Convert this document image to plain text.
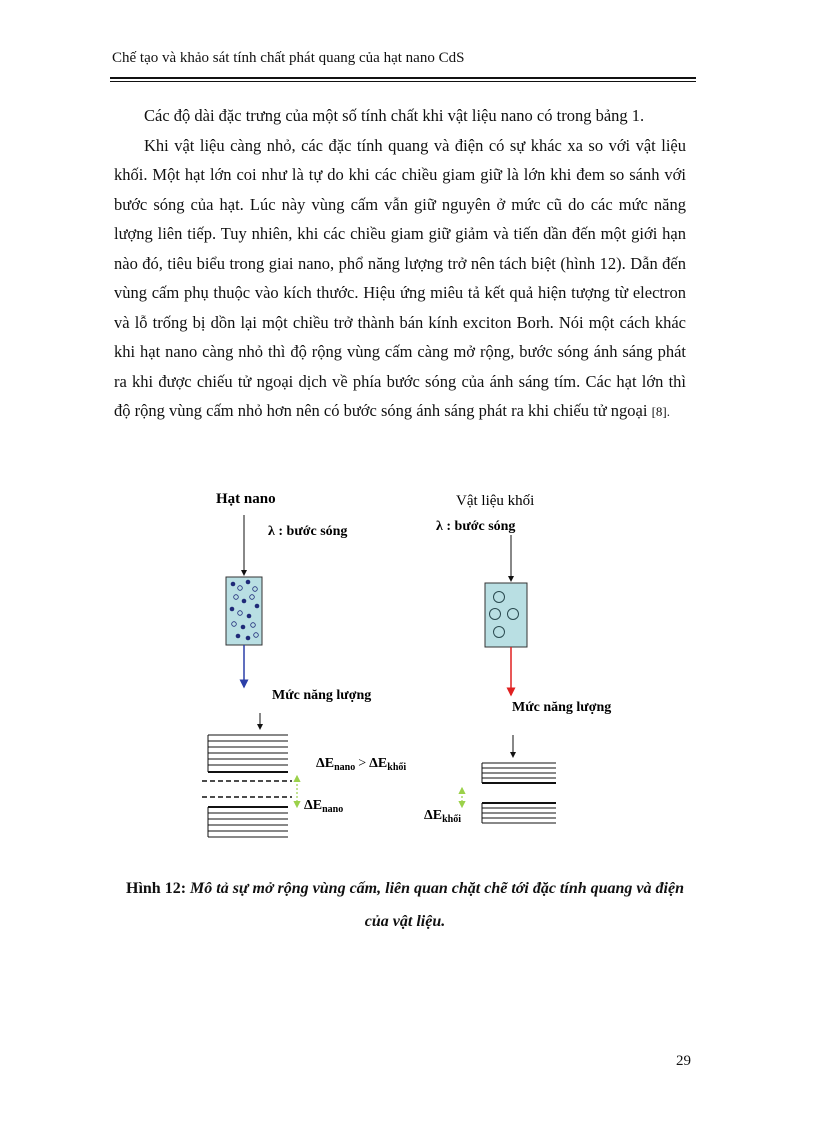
Chế tạo và khảo sát tính chất phát quang của hạt nano CdS

Các độ dài đặc trưng của một số tính chất khi vật liệu nano có trong bảng 1.

Khi vật liệu càng nhỏ, các đặc tính quang và điện có sự khác xa so với vật liệu khối. Một hạt lớn coi như là tự do khi các chiều giam giữ là lớn khi đem so sánh với bước sóng của hạt. Lúc này vùng cấm vẫn giữ nguyên ở mức cũ do các mức năng lượng liên tiếp. Tuy nhiên, khi các chiều giam giữ giảm và tiến dần đến một giới hạn nào đó, tiêu biểu trong giai nano, phổ năng lượng trở nên tách biệt (hình 12). Dẫn đến vùng cấm phụ thuộc vào kích thước. Hiệu ứng miêu tả kết quả hiện tượng từ electron và lỗ trống bị dồn lại một chiều trở thành bán kính exciton Borh. Nói một cách khác khi hạt nano càng nhỏ thì độ rộng vùng cấm càng mở rộng, bước sóng ánh sáng phát ra khi được chiếu tử ngoại dịch về phía bước sóng của ánh sáng tím. Các hạt lớn thì độ rộng vùng cấm nhỏ hơn nên có bước sóng ánh sáng phát ra khi chiếu tử ngoại [8].

Hạt nano
λ : bước sóng
Mức năng lượng
$\Delta E_{nano} > \Delta E_{khối}$
$\Delta E_{nano}$
Vật liệu khối
λ : bước sóng
Mức năng lượng
$\Delta E_{khối}$
Hình 12: Mô tả sự mở rộng vùng cấm, liên quan chặt chẽ tới đặc tính quang và điện của vật liệu.
29
